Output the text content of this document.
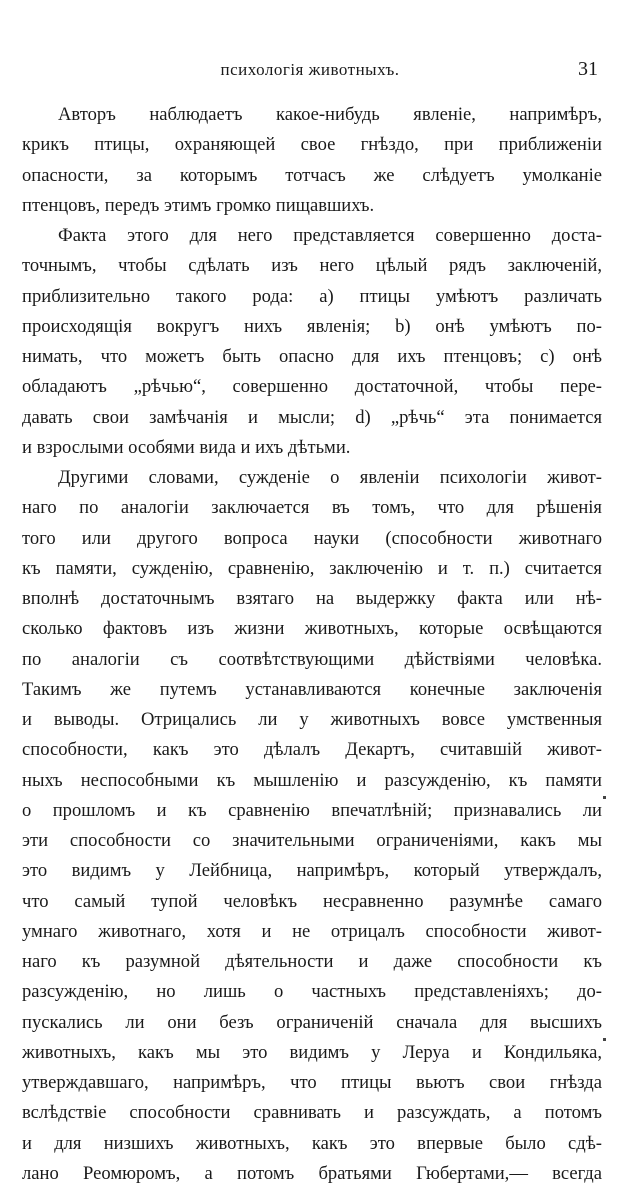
психологія животныхъ.	31
Авторъ наблюдаетъ какое-нибудь явленіе, напримѣръ,
крикъ птицы, охраняющей свое гнѣздо, при приближеніи
опасности, за которымъ тотчасъ же слѣдуетъ умолканіе
птенцовъ, передъ этимъ громко пищавшихъ.
Факта этого для него представляется совершенно доста-
точнымъ, чтобы сдѣлать изъ него цѣлый рядъ заключеній,
приблизительно такого рода: a) птицы умѣютъ различать
происходящія вокругъ нихъ явленія; b) онѣ умѣютъ по-
нимать, что можетъ быть опасно для ихъ птенцовъ; c) онѣ
обладаютъ „рѣчью“, совершенно достаточной, чтобы пере-
давать свои замѣчанія и мысли; d) „рѣчь“ эта понимается
и взрослыми особями вида и ихъ дѣтьми.
Другими словами, сужденіе о явленіи психологіи живот-
наго по аналогіи заключается въ томъ, что для рѣшенія
того или другого вопроса науки (способности животнаго
къ памяти, сужденію, сравненію, заключенію и т. п.) считается
вполнѣ достаточнымъ взятаго на выдержку факта или нѣ-
сколько фактовъ изъ жизни животныхъ, которые освѣщаются
по аналогіи съ соотвѣтствующими дѣйствіями человѣка.
Такимъ же путемъ устанавливаются конечные заключенія
и выводы. Отрицались ли у животныхъ вовсе умственныя
способности, какъ это дѣлалъ Декартъ, считавшій живот-
ныхъ неспособными къ мышленію и разсужденію, къ памяти
о прошломъ и къ сравненію впечатлѣній; признавались ли
эти способности со значительными ограниченіями, какъ мы
это видимъ у Лейбница, напримѣръ, который утверждалъ,
что самый тупой человѣкъ несравненно разумнѣе самаго
умнаго животнаго, хотя и не отрицалъ способности живот-
наго къ разумной дѣятельности и даже способности къ
разсужденію, но лишь о частныхъ представленіяхъ; до-
пускались ли они безъ ограниченій сначала для высшихъ
животныхъ, какъ мы это видимъ у Леруа и Кондильяка,
утверждавшаго, напримѣръ, что птицы вьютъ свои гнѣзда
вслѣдствіе способности сравнивать и разсуждать, а потомъ
и для низшихъ животныхъ, какъ это впервые было сдѣ-
лано Реомюромъ, а потомъ братьями Гюбертами,— всегда
